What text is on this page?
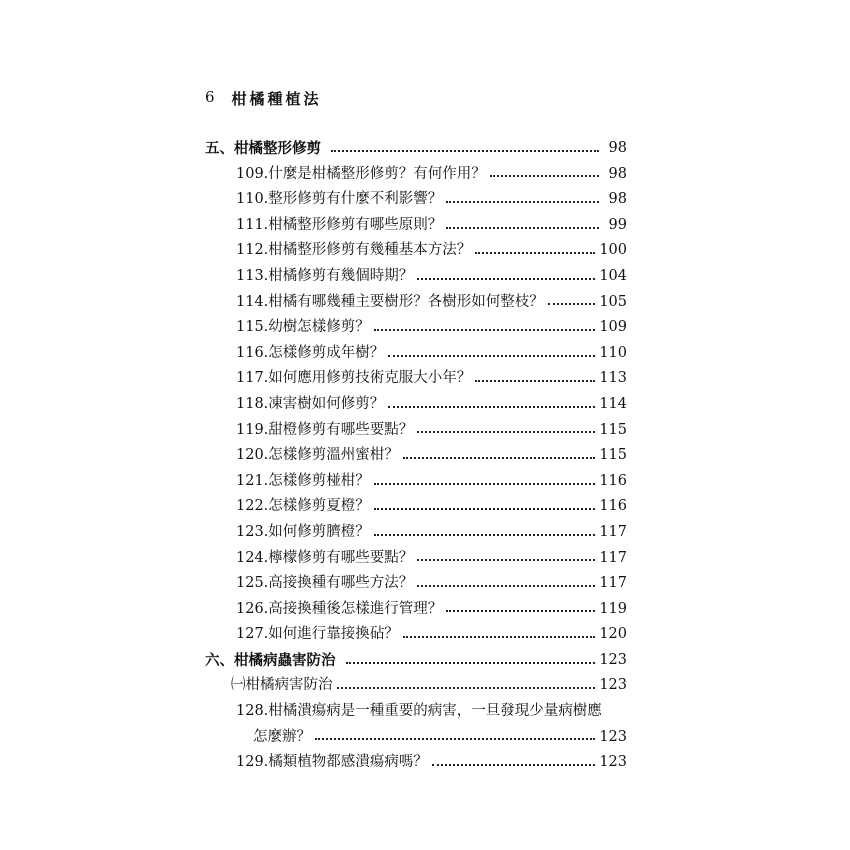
6 柑橘種植法
五、柑橘整形修剪	98
109.什麼是柑橘整形修剪？有何作用？	98
110.整形修剪有什麼不利影響？	98
111.柑橘整形修剪有哪些原則？	99
112.柑橘整形修剪有幾種基本方法？	100
113.柑橘修剪有幾個時期？	104
114.柑橘有哪幾種主要樹形？各樹形如何整枝？	105
115.幼樹怎樣修剪？	109
116.怎樣修剪成年樹？	110
117.如何應用修剪技術克服大小年？	113
118.凍害樹如何修剪？	114
119.甜橙修剪有哪些要點？	115
120.怎樣修剪溫州蜜柑？	115
121.怎樣修剪椪柑？	116
122.怎樣修剪夏橙？	116
123.如何修剪臍橙？	117
124.檸檬修剪有哪些要點？	117
125.高接換種有哪些方法？	117
126.高接換種後怎樣進行管理？	119
127.如何進行靠接換砧？	120
六、柑橘病蟲害防治	123
㈠柑橘病害防治	123
128.柑橘潰瘍病是一種重要的病害，一旦發現少量病樹應
怎麼辦？	123
129.橘類植物都感潰瘍病嗎？	123
